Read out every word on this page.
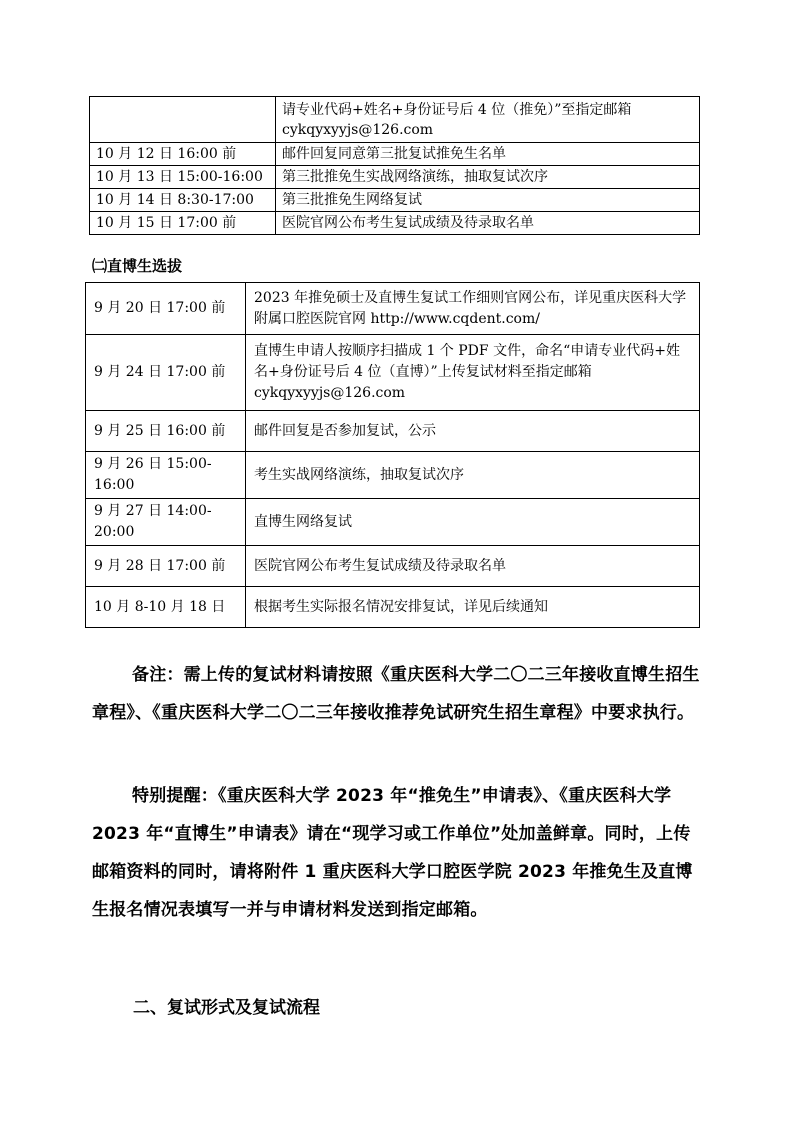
	请专业代码+姓名+身份证号后 4 位（推免）”至指定邮箱 cykqyxyyjs@126.com
10 月 12 日 16:00 前	邮件回复同意第三批复试推免生名单
10 月 13 日 15:00-16:00	第三批推免生实战网络演练，抽取复试次序
10 月 14 日 8:30-17:00	第三批推免生网络复试
10 月 15 日 17:00 前	医院官网公布考生复试成绩及待录取名单
㈡直博生选拔
9 月 20 日 17:00 前	2023 年推免硕士及直博生复试工作细则官网公布，详见重庆医科大学附属口腔医院官网 http://www.cqdent.com/
9 月 24 日 17:00 前	直博生申请人按顺序扫描成 1 个 PDF 文件，命名“申请专业代码+姓名+身份证号后 4 位（直博）”上传复试材料至指定邮箱 cykqyxyyjs@126.com
9 月 25 日 16:00 前	邮件回复是否参加复试，公示
9 月 26 日 15:00-16:00	考生实战网络演练，抽取复试次序
9 月 27 日 14:00-20:00	直博生网络复试
9 月 28 日 17:00 前	医院官网公布考生复试成绩及待录取名单
10 月 8-10 月 18 日	根据考生实际报名情况安排复试，详见后续通知

备注：需上传的复试材料请按照《重庆医科大学二〇二三年接收直博生招生章程》、《重庆医科大学二〇二三年接收推荐免试研究生招生章程》中要求执行。

特别提醒：《重庆医科大学 2023 年“推免生”申请表》、《重庆医科大学 2023 年“直博生”申请表》请在“现学习或工作单位”处加盖鲜章。同时，上传邮箱资料的同时，请将附件 1 重庆医科大学口腔医学院 2023 年推免生及直博生报名情况表填写一并与申请材料发送到指定邮箱。

二、复试形式及复试流程
